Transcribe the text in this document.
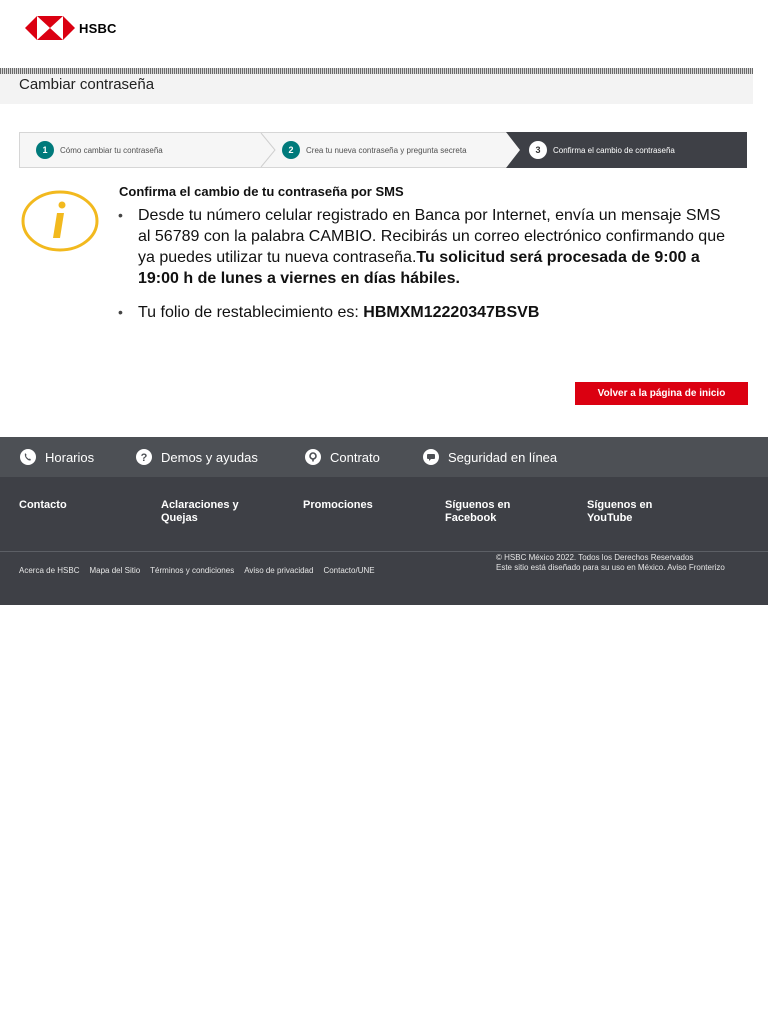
HSBC
Cambiar contraseña
1	Cómo cambiar tu contraseña	2	Crea tu nueva contraseña y pregunta secreta	3	Confirma el cambio de contraseña
Confirma el cambio de tu contraseña por SMS
• Desde tu número celular registrado en Banca por Internet, envía un mensaje SMS al 56789 con la palabra CAMBIO. Recibirás un correo electrónico confirmando que ya puedes utilizar tu nueva contraseña.Tu solicitud será procesada de 9:00 a 19:00 h de lunes a viernes en días hábiles.
• Tu folio de restablecimiento es: HBMXM12220347BSVB
Volver a la página de inicio
Horarios	? Demos y ayudas	Contrato	Seguridad en línea
Contacto	Aclaraciones y Quejas
Promociones	Síguenos en Facebook
Síguenos en YouTube
Acerca de HSBC Mapa del Sitio Términos y condiciones Aviso de privacidad Contacto/UNE
© HSBC México 2022. Todos los Derechos Reservados
Este sitio está diseñado para su uso en México. Aviso Fronterizo
